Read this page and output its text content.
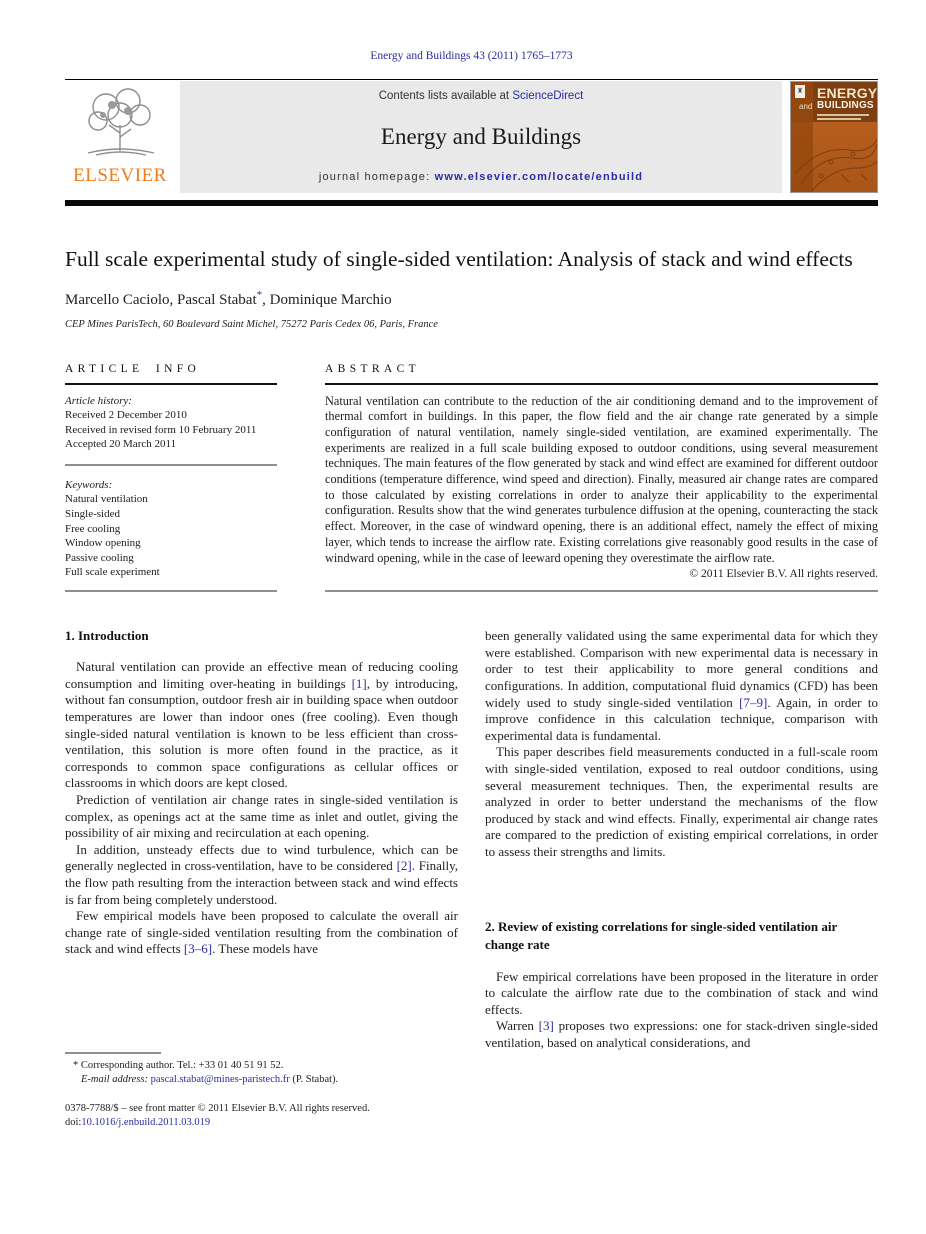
Energy and Buildings 43 (2011) 1765–1773
ELSEVIER
Contents lists available at ScienceDirect
Energy and Buildings
journal homepage: www.elsevier.com/locate/enbuild
♜ ENERGY
and BUILDINGS
Full scale experimental study of single-sided ventilation: Analysis of stack and wind effects
Marcello Caciolo, Pascal Stabat*, Dominique Marchio
CEP Mines ParisTech, 60 Boulevard Saint Michel, 75272 Paris Cedex 06, Paris, France
ARTICLE INFO
Article history:
Received 2 December 2010
Received in revised form 10 February 2011
Accepted 20 March 2011
Keywords:
Natural ventilation
Single-sided
Free cooling
Window opening
Passive cooling
Full scale experiment
ABSTRACT

Natural ventilation can contribute to the reduction of the air conditioning demand and to the improvement of thermal comfort in buildings. In this paper, the flow field and the air change rate generated by a simple configuration of natural ventilation, namely single-sided ventilation, are examined experimentally. The experiments are realized in a full scale building exposed to outdoor conditions, using several measurement techniques. The main features of the flow generated by stack and wind effect are examined for different outdoor conditions (temperature difference, wind speed and direction). Finally, measured air change rates are compared to those calculated by existing correlations in order to analyze their applicability to the experimental configuration. Results show that the wind generates turbulence diffusion at the opening, counteracting the stack effect. Moreover, in the case of windward opening, there is an additional effect, namely the effect of mixing layer, which tends to increase the airflow rate. Existing correlations give reasonably good results in the case of windward opening, while in the case of leeward opening they overestimate the airflow rate.

© 2011 Elsevier B.V. All rights reserved.
1. Introduction

Natural ventilation can provide an effective mean of reducing cooling consumption and limiting over-heating in buildings [1], by introducing, without fan consumption, outdoor fresh air in building space when outdoor temperatures are lower than indoor ones (free cooling). Even though single-sided natural ventilation is known to be less efficient than cross-ventilation, this solution is more often found in the practice, as it corresponds to common space configurations as cellular offices or classrooms in which doors are kept closed.

Prediction of ventilation air change rates in single-sided ventilation is complex, as openings act at the same time as inlet and outlet, giving the possibility of air mixing and recirculation at each opening.

In addition, unsteady effects due to wind turbulence, which can be generally neglected in cross-ventilation, have to be considered [2]. Finally, the flow path resulting from the interaction between stack and wind effects is far from being completely understood.

Few empirical models have been proposed to calculate the overall air change rate of single-sided ventilation resulting from the combination of stack and wind effects [3–6]. These models have

* Corresponding author. Tel.: +33 01 40 51 91 52.
E-mail address: pascal.stabat@mines-paristech.fr (P. Stabat).
0378-7788/$ – see front matter © 2011 Elsevier B.V. All rights reserved.
doi:10.1016/j.enbuild.2011.03.019

been generally validated using the same experimental data for which they were established. Comparison with new experimental data is necessary in order to test their applicability to more general conditions and configurations. In addition, computational fluid dynamics (CFD) has been widely used to study single-sided ventilation [7–9]. Again, in order to improve confidence in this calculation technique, comparison with experimental data is fundamental.

This paper describes field measurements conducted in a full-scale room with single-sided ventilation, exposed to real outdoor conditions, using several measurement techniques. Then, the experimental results are analyzed in order to better understand the mechanisms of the flow produced by stack and wind effects. Finally, experimental air change rates are compared to the prediction of existing empirical correlations, in order to assess their strengths and limits.

2. Review of existing correlations for single-sided ventilation air change rate

Few empirical correlations have been proposed in the literature in order to calculate the airflow rate due to the combination of stack and wind effects.

Warren [3] proposes two expressions: one for stack-driven single-sided ventilation, based on analytical considerations, and
